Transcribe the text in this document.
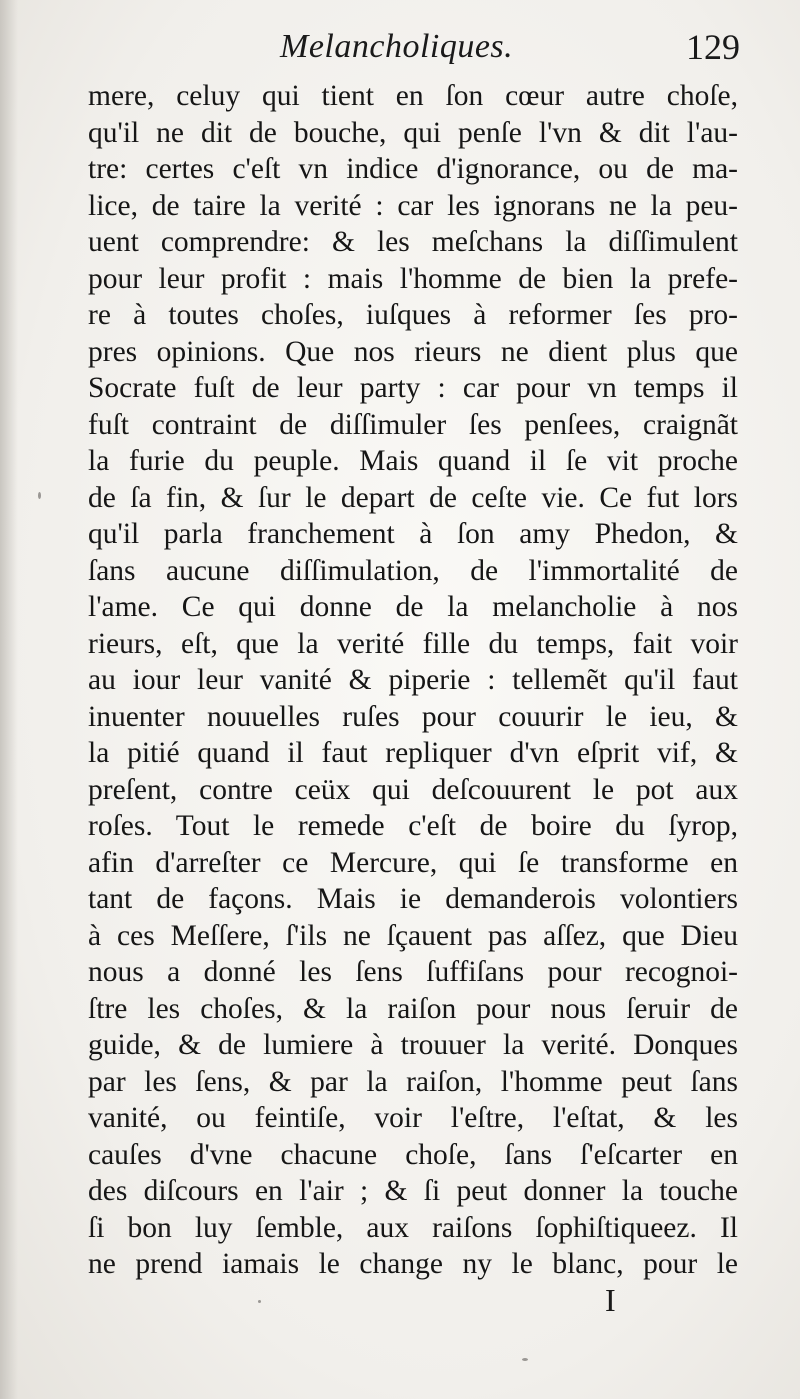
Melancholiques.	129
mere, celuy qui tient en ſon cœur autre choſe,
qu'il ne dit de bouche, qui penſe l'vn & dit l'au-
tre: certes c'eſt vn indice d'ignorance, ou de ma-
lice, de taire la verité : car les ignorans ne la peu-
uent comprendre: & les meſchans la diſſimulent
pour leur profit : mais l'homme de bien la prefe-
re à toutes choſes, iuſques à reformer ſes pro-
pres opinions. Que nos rieurs ne dient plus que
Socrate fuſt de leur party : car pour vn temps il
fuſt contraint de diſſimuler ſes penſees, craignãt
la furie du peuple. Mais quand il ſe vit proche
de ſa fin, & ſur le depart de ceſte vie. Ce fut lors
qu'il parla franchement à ſon amy Phedon, &
ſans aucune diſſimulation, de l'immortalité de
l'ame. Ce qui donne de la melancholie à nos
rieurs, eſt, que la verité fille du temps, fait voir
au iour leur vanité & piperie : tellemẽt qu'il faut
inuenter nouuelles ruſes pour couurir le ieu, &
la pitié quand il faut repliquer d'vn eſprit vif, &
preſent, contre ceüx qui deſcouurent le pot aux
roſes. Tout le remede c'eſt de boire du ſyrop,
afin d'arreſter ce Mercure, qui ſe transforme en
tant de façons. Mais ie demanderois volontiers
à ces Meſſere, ſ'ils ne ſçauent pas aſſez, que Dieu
nous a donné les ſens ſuffiſans pour recognoi-
ſtre les choſes, & la raiſon pour nous ſeruir de
guide, & de lumiere à trouuer la verité. Donques
par les ſens, & par la raiſon, l'homme peut ſans
vanité, ou feintiſe, voir l'eſtre, l'eſtat, & les
cauſes d'vne chacune choſe, ſans ſ'eſcarter en
des diſcours en l'air ; & ſi peut donner la touche
ſi bon luy ſemble, aux raiſons ſophiſtiqueez. Il
ne prend iamais le change ny le blanc, pour le
I
